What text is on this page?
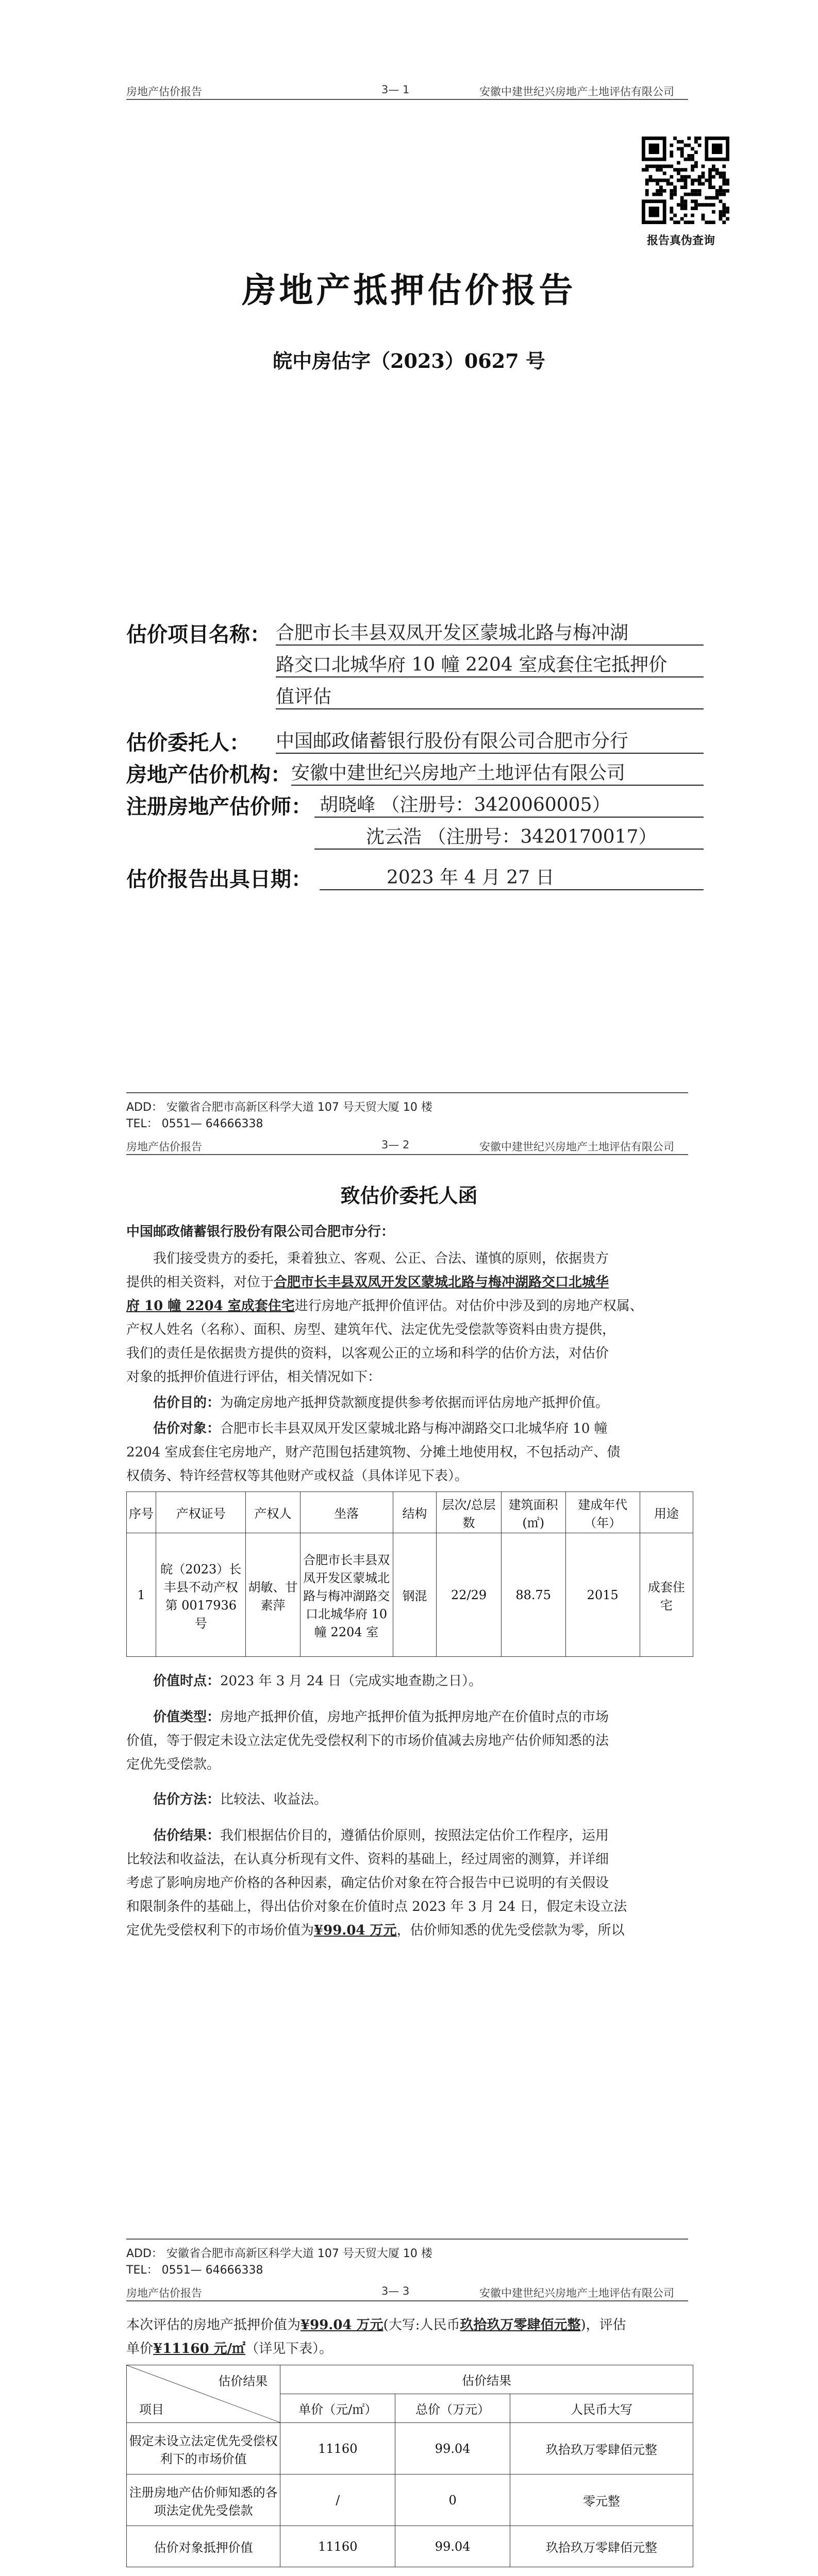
房地产估价报告	3— 1	安徽中建世纪兴房地产土地评估有限公司
报告真伪查询
房地产抵押估价报告
皖中房估字（2023）0627 号
估价项目名称： 合肥市长丰县双凤开发区蒙城北路与梅冲湖
路交口北城华府 10 幢 2204 室成套住宅抵押价
值评估
估价委托人： 中国邮政储蓄银行股份有限公司合肥市分行
房地产估价机构： 安徽中建世纪兴房地产土地评估有限公司
注册房地产估价师： 胡晓峰 （注册号：3420060005）
沈云浩 （注册号：3420170017）
估价报告出具日期：	2023 年 4 月 27 日
ADD： 安徽省合肥市高新区科学大道 107 号天贸大厦 10 楼
TEL： 0551— 64666338
房地产估价报告	3— 2	安徽中建世纪兴房地产土地评估有限公司
致估价委托人函
中国邮政储蓄银行股份有限公司合肥市分行：
我们接受贵方的委托，秉着独立、客观、公正、合法、谨慎的原则，依据贵方
提供的相关资料，对位于合肥市长丰县双凤开发区蒙城北路与梅冲湖路交口北城华
府 10 幢 2204 室成套住宅进行房地产抵押价值评估。对估价中涉及到的房地产权属、
产权人姓名（名称）、面积、房型、建筑年代、法定优先受偿款等资料由贵方提供，
我们的责任是依据贵方提供的资料，以客观公正的立场和科学的估价方法，对估价
对象的抵押价值进行评估，相关情况如下：
估价目的：为确定房地产抵押贷款额度提供参考依据而评估房地产抵押价值。
估价对象：合肥市长丰县双凤开发区蒙城北路与梅冲湖路交口北城华府 10 幢
2204 室成套住宅房地产，财产范围包括建筑物、分摊土地使用权，不包括动产、债
权债务、特许经营权等其他财产或权益（具体详见下表）。
序号	产权证号	产权人	坐落	结构	层次/总层数	建筑面积(㎡)	建成年代（年）	用途
1	皖（2023）长丰县不动产权第 0017936 号	胡敏、甘素萍	合肥市长丰县双凤开发区蒙城北路与梅冲湖路交口北城华府 10 幢 2204 室	钢混	22/29	88.75	2015	成套住宅
价值时点：2023 年 3 月 24 日（完成实地查勘之日）。
价值类型：房地产抵押价值，房地产抵押价值为抵押房地产在价值时点的市场
价值，等于假定未设立法定优先受偿权利下的市场价值减去房地产估价师知悉的法
定优先受偿款。
估价方法：比较法、收益法。
估价结果：我们根据估价目的，遵循估价原则，按照法定估价工作程序，运用
比较法和收益法，在认真分析现有文件、资料的基础上，经过周密的测算，并详细
考虑了影响房地产价格的各种因素，确定估价对象在符合报告中已说明的有关假设
和限制条件的基础上，得出估价对象在价值时点 2023 年 3 月 24 日，假定未设立法
定优先受偿权利下的市场价值为¥99.04 万元，估价师知悉的优先受偿款为零，所以
ADD： 安徽省合肥市高新区科学大道 107 号天贸大厦 10 楼
TEL： 0551— 64666338
房地产估价报告	3— 3	安徽中建世纪兴房地产土地评估有限公司
本次评估的房地产抵押价值为¥99.04 万元(大写:人民币玖拾玖万零肆佰元整)，评估
单价¥11160 元/㎡（详见下表）。
估价结果
项目	估价结果		
	单价（元/㎡）	总价（万元）	人民币大写
假定未设立法定优先受偿权利下的市场价值	11160	99.04	玖拾玖万零肆佰元整
注册房地产估价师知悉的各项法定优先受偿款	/	0	零元整
估价对象抵押价值	11160	99.04	玖拾玖万零肆佰元整
